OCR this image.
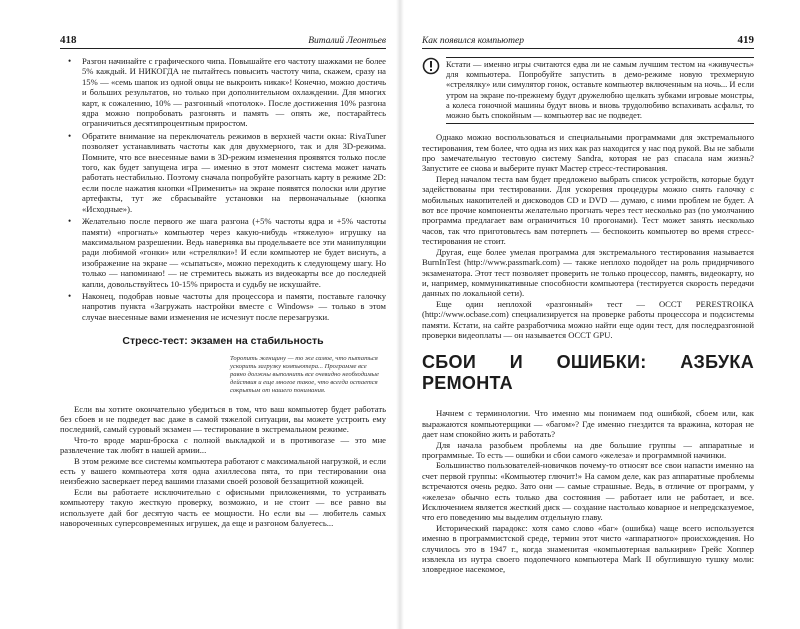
418	Виталий Леонтьев
• Разгон начинайте с графического чипа. Повышайте его частоту шажками не более 5% каждый. И НИКОГДА не пытайтесь повысить частоту чипа, скажем, сразу на 15% — «семь шапок из одной овцы не выкроить никак»! Конечно, можно достичь и больших результатов, но только при дополнительном охлаждении. Для многих карт, к сожалению, 10% — разгонный «потолок». После достижения 10% разгона ядра можно попробовать разгонять и память — опять же, постарайтесь ограничиться десятипроцентным приростом.
• Обратите внимание на переключатель режимов в верхней части окна: RivaTuner позволяет устанавливать частоты как для двухмерного, так и для 3D-режима. Помните, что все внесенные вами в 3D-режим изменения проявятся только после того, как будет запущена игра — именно в этот момент система может начать работать нестабильно. Поэтому сначала попробуйте разогнать карту в режиме 2D: если после нажатия кнопки «Применить» на экране появятся полоски или другие артефакты, тут же сбрасывайте установки на первоначальные (кнопка «Исходные»).
• Желательно после первого же шага разгона (+5% частоты ядра и +5% частоты памяти) «прогнать» компьютер через какую-нибудь «тяжелую» игрушку на максимальном разрешении. Ведь наверняка вы продельваете все эти манипуляции ради любимой «гонки» или «стрелялки»! И если компьютер не будет виснуть, а изображение на экране — «сыпаться», можно переходить к следующему шагу. Но только — напоминаю! — не стремитесь выжать из видеокарты все до последней капли, довольствуйтесь 10-15% прироста и судьбу не искушайте.
• Наконец, подобрав новые частоты для процессора и памяти, поставьте галочку напротив пункта «Загружать настройки вместе с Windows» — только в этом случае внесенные вами изменения не исчезнут после перезагрузки.
Стресс-тест: экзамен на стабильность
Торопить женщину — то же самое, что пытаться ускорить загрузку компьютера... Программе все равно должны выполнить все очевидно необходимые действия и еще многое такое, что всегда остается сокрытым от нашего понимания.

Если вы хотите окончательно убедиться в том, что ваш компьютер будет работать без сбоев и не подведет вас даже в самой тяжелой ситуации, вы можете устроить ему последний, самый суровый экзамен — тестирование в экстремальном режиме.

Что-то вроде марш-броска с полной выкладкой и в противогазе — это мне развлечение так любят в нашей армии...

В этом режиме все системы компьютера работают с максимальной нагрузкой, и если есть у вашего компьютера хотя одна ахиллесова пята, то при тестировании она неизбежно засверкает перед вашими глазами своей розовой беззащитной кожицей.

Если вы работаете исключительно с офисными приложениями, то устраивать компьютеру такую жесткую проверку, возможно, и не стоит — все равно вы используете дай бог десятую часть ее мощности. Но если вы — любитель самых навороченных суперсовременных игрушек, да еще и разгоном балуетесь...

Как появился компьютер	419
Кстати — именно игры считаются едва ли не самым лучшим тестом на «живучесть» для компьютера. Попробуйте запустить в демо-режиме новую трехмерную «стрелялку» или симулятор гонок, оставьте компьютер включенным на ночь... И если утром на экране по-прежнему будут дружелюбно щелкать зубками игровые монстры, а колеса гоночной машины будут вновь и вновь трудолюбиво вспахивать асфальт, то можно быть спокойным — компьютер вас не подведет.

Однако можно воспользоваться и специальными программами для экстремального тестирования, тем более, что одна из них как раз находится у нас под рукой. Вы не забыли про замечательную тестовую систему Sandra, которая не раз спасала нам жизнь? Запустите ее снова и выберите пункт Мастер стресс-тестирования.

Перед началом теста вам будет предложено выбрать список устройств, которые будут задействованы при тестировании. Для ускорения процедуры можно снять галочку с мобильных накопителей и дисководов CD и DVD — думаю, с ними проблем не будет. А вот все прочие компоненты желательно прогнать через тест несколько раз (по умолчанию программа предлагает вам ограничиться 10 прогонами). Тест может занять несколько часов, так что приготовьтесь вам потерпеть — беспокоить компьютер во время стресс-тестирования не стоит.

Другая, еще более умелая программа для экстремального тестирования называется BurnInTest (http://www.passmark.com) — также неплохо подойдет на роль придирчивого экзаменатора. Этот тест позволяет проверить не только процессор, память, видеокарту, но и, например, коммуникативные способности компьютера (тестируется скорость передачи данных по локальной сети).

Еще один неплохой «разгонный» тест — OCCT PERESTROIKA (http://www.ocbase.com) специализируется на проверке работы процессора и подсистемы памяти. Кстати, на сайте разработчика можно найти еще один тест, для последразгонной проверки видеоплаты — он называется OCCT GPU.

СБОИ И ОШИБКИ: АЗБУКА РЕМОНТА

Начнем с терминологии. Что именно мы понимаем под ошибкой, сбоем или, как выражаются компьютерщики — «багом»? Где именно гнездится та вражина, которая не дает нам спокойно жить и работать?

Для начала разобьем проблемы на две большие группы — аппаратные и программные. То есть — ошибки и сбои самого «железа» и программной начинки.

Большинство пользователей-новичков почему-то относят все свои напасти именно на счет первой группы: «Компьютер глючит!» На самом деле, как раз аппаратные проблемы встречаются очень редко. Зато они — самые страшные. Ведь, в отличие от программ, у «железа» обычно есть только два состояния — работает или не работает, и все. Исключением является жесткий диск — создание настолько коварное и непредсказуемое, что его поведению мы выделим отдельную главу.

Исторический парадокс: хотя само слово «баг» (ошибка) чаще всего используется именно в программистской среде, термин этот чисто «аппаратного» происхождения. Но случилось это в 1947 г., когда знаменитая «компьютерная валькирия» Грейс Хоппер извлекла из нутра своего подопечного компьютера Mark II обуглившую тушку моли: зловредное насекомое,
